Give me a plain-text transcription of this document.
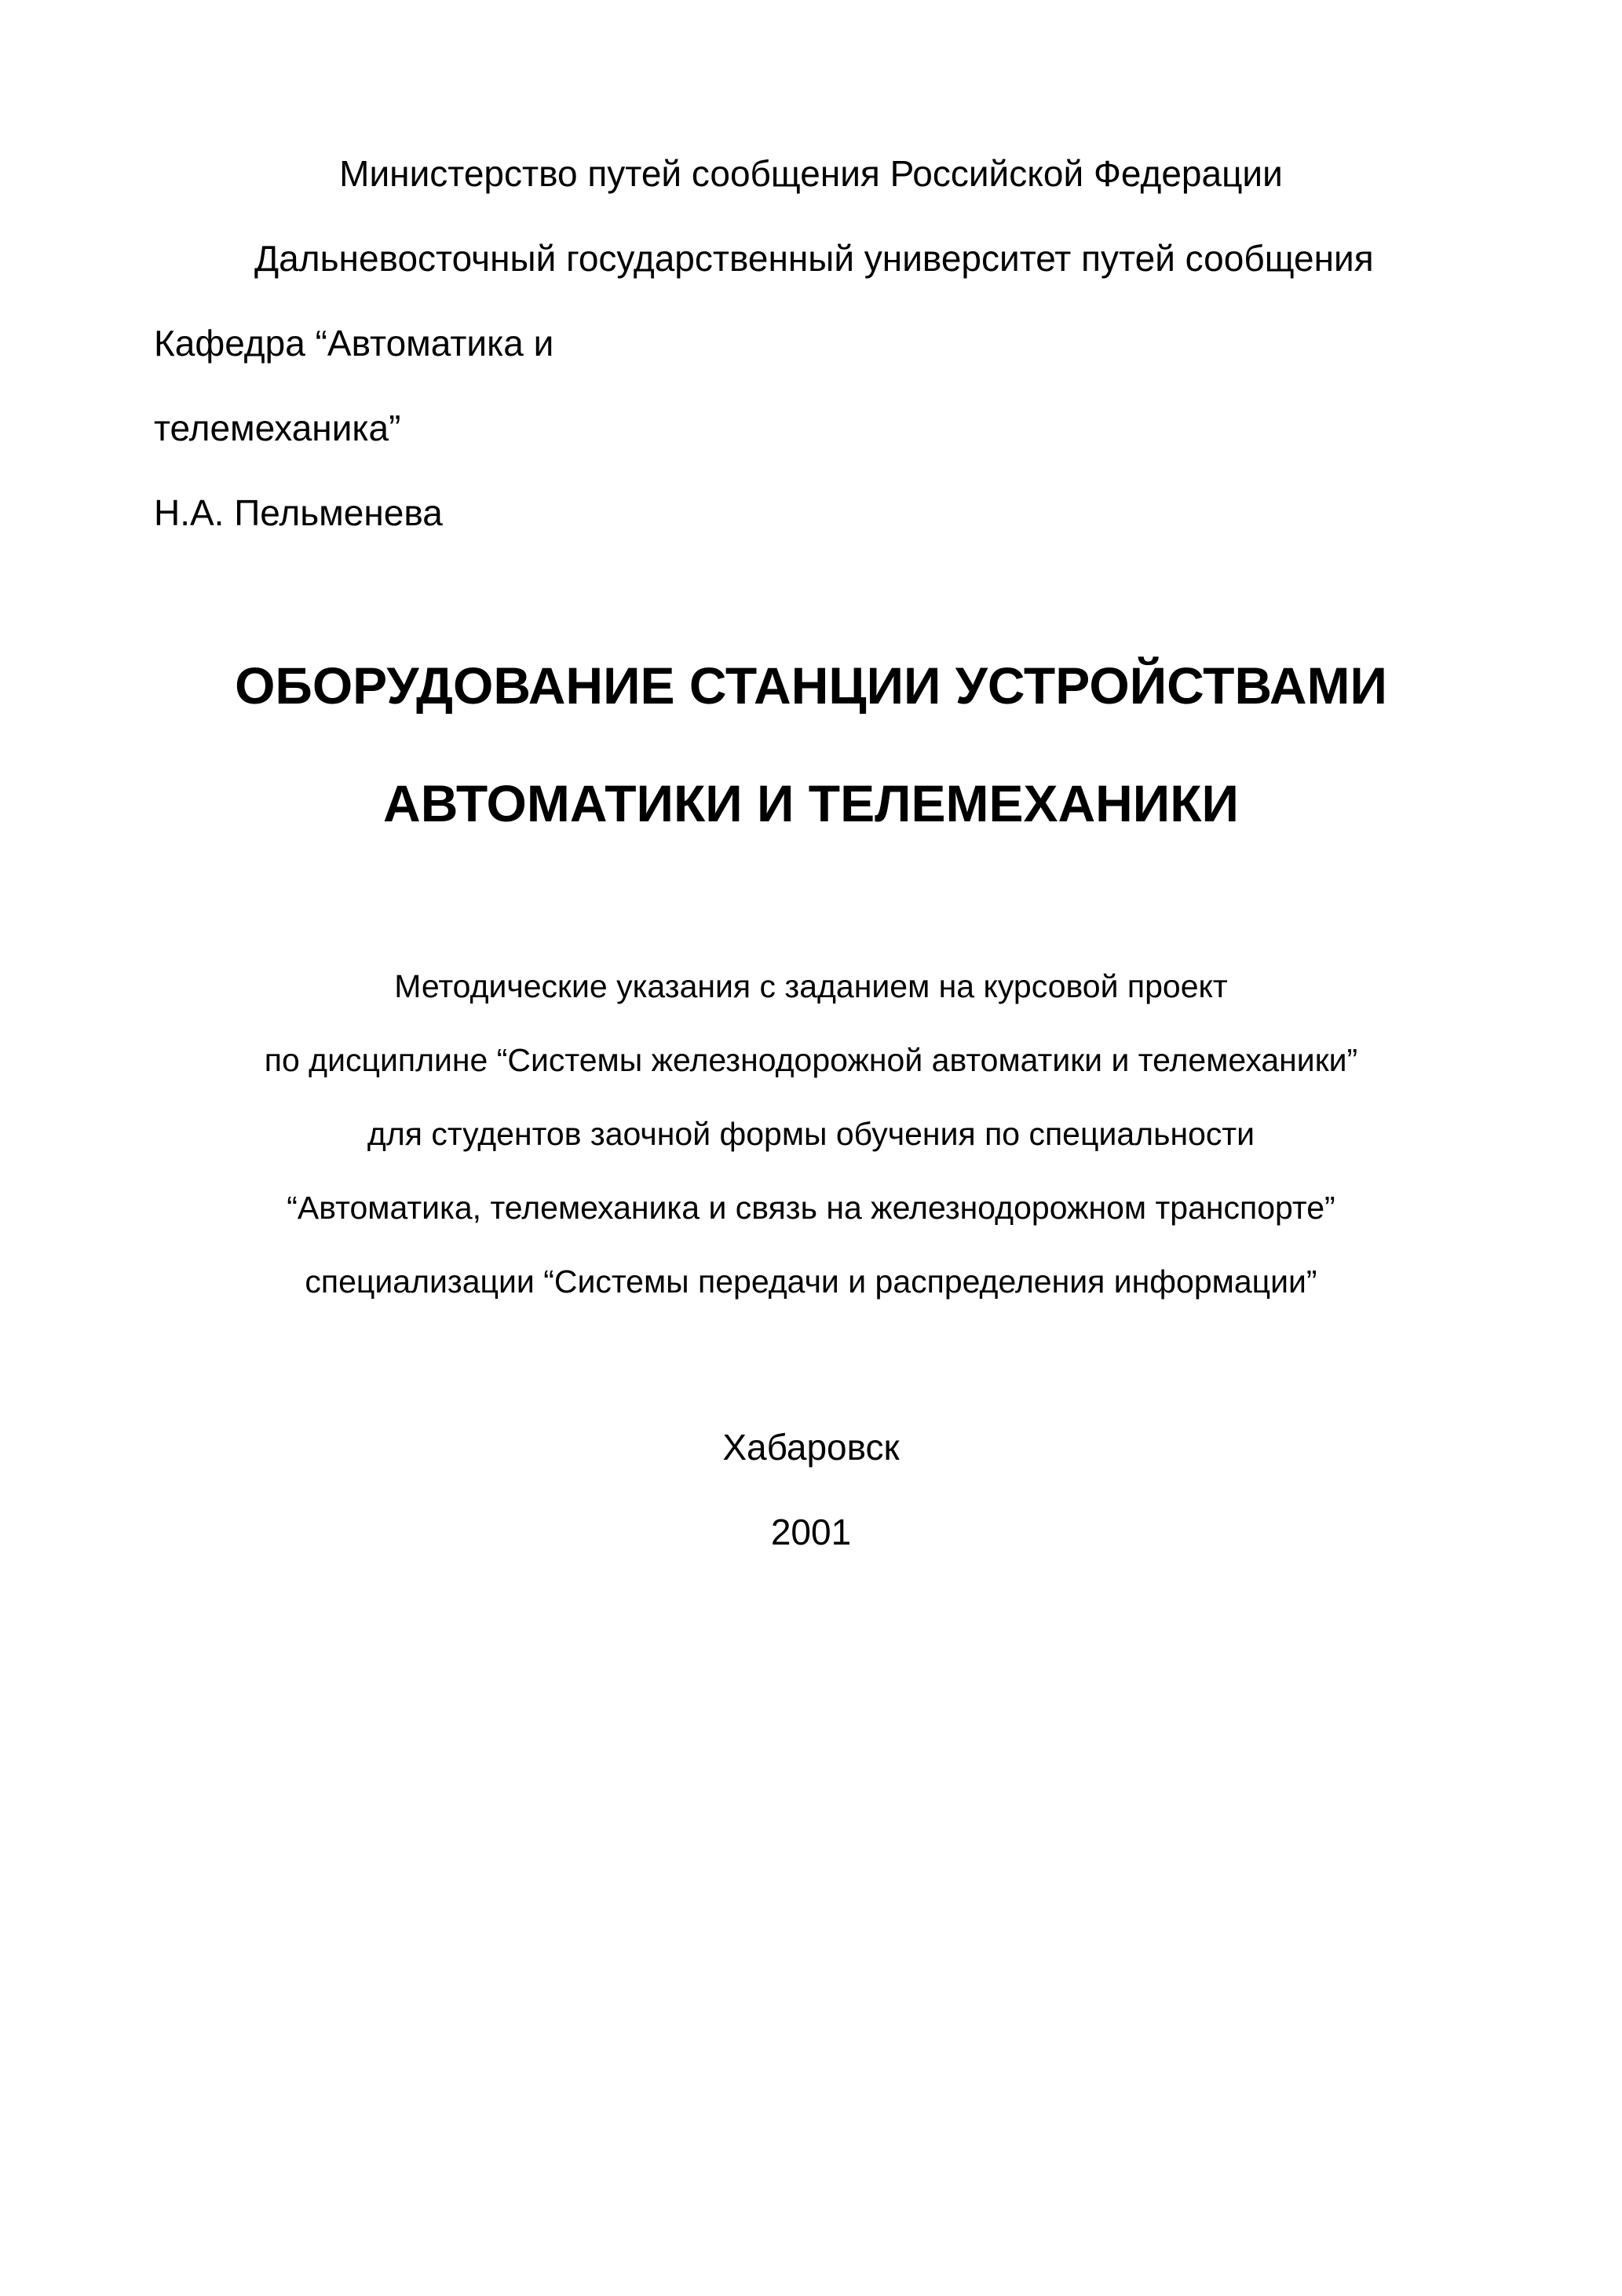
Министерство путей сообщения Российской Федерации
Дальневосточный государственный университет путей сообщения
Кафедра “Автоматика и
телемеханика”
Н.А. Пельменева
ОБОРУДОВАНИЕ СТАНЦИИ УСТРОЙСТВАМИ
АВТОМАТИКИ И ТЕЛЕМЕХАНИКИ
Методические указания с заданием на курсовой проект
по дисциплине “Системы железнодорожной автоматики и телемеханики”
для студентов заочной формы обучения по специальности
“Автоматика, телемеханика и связь на железнодорожном транспорте”
специализации “Системы передачи и распределения информации”
Хабаровск
2001
